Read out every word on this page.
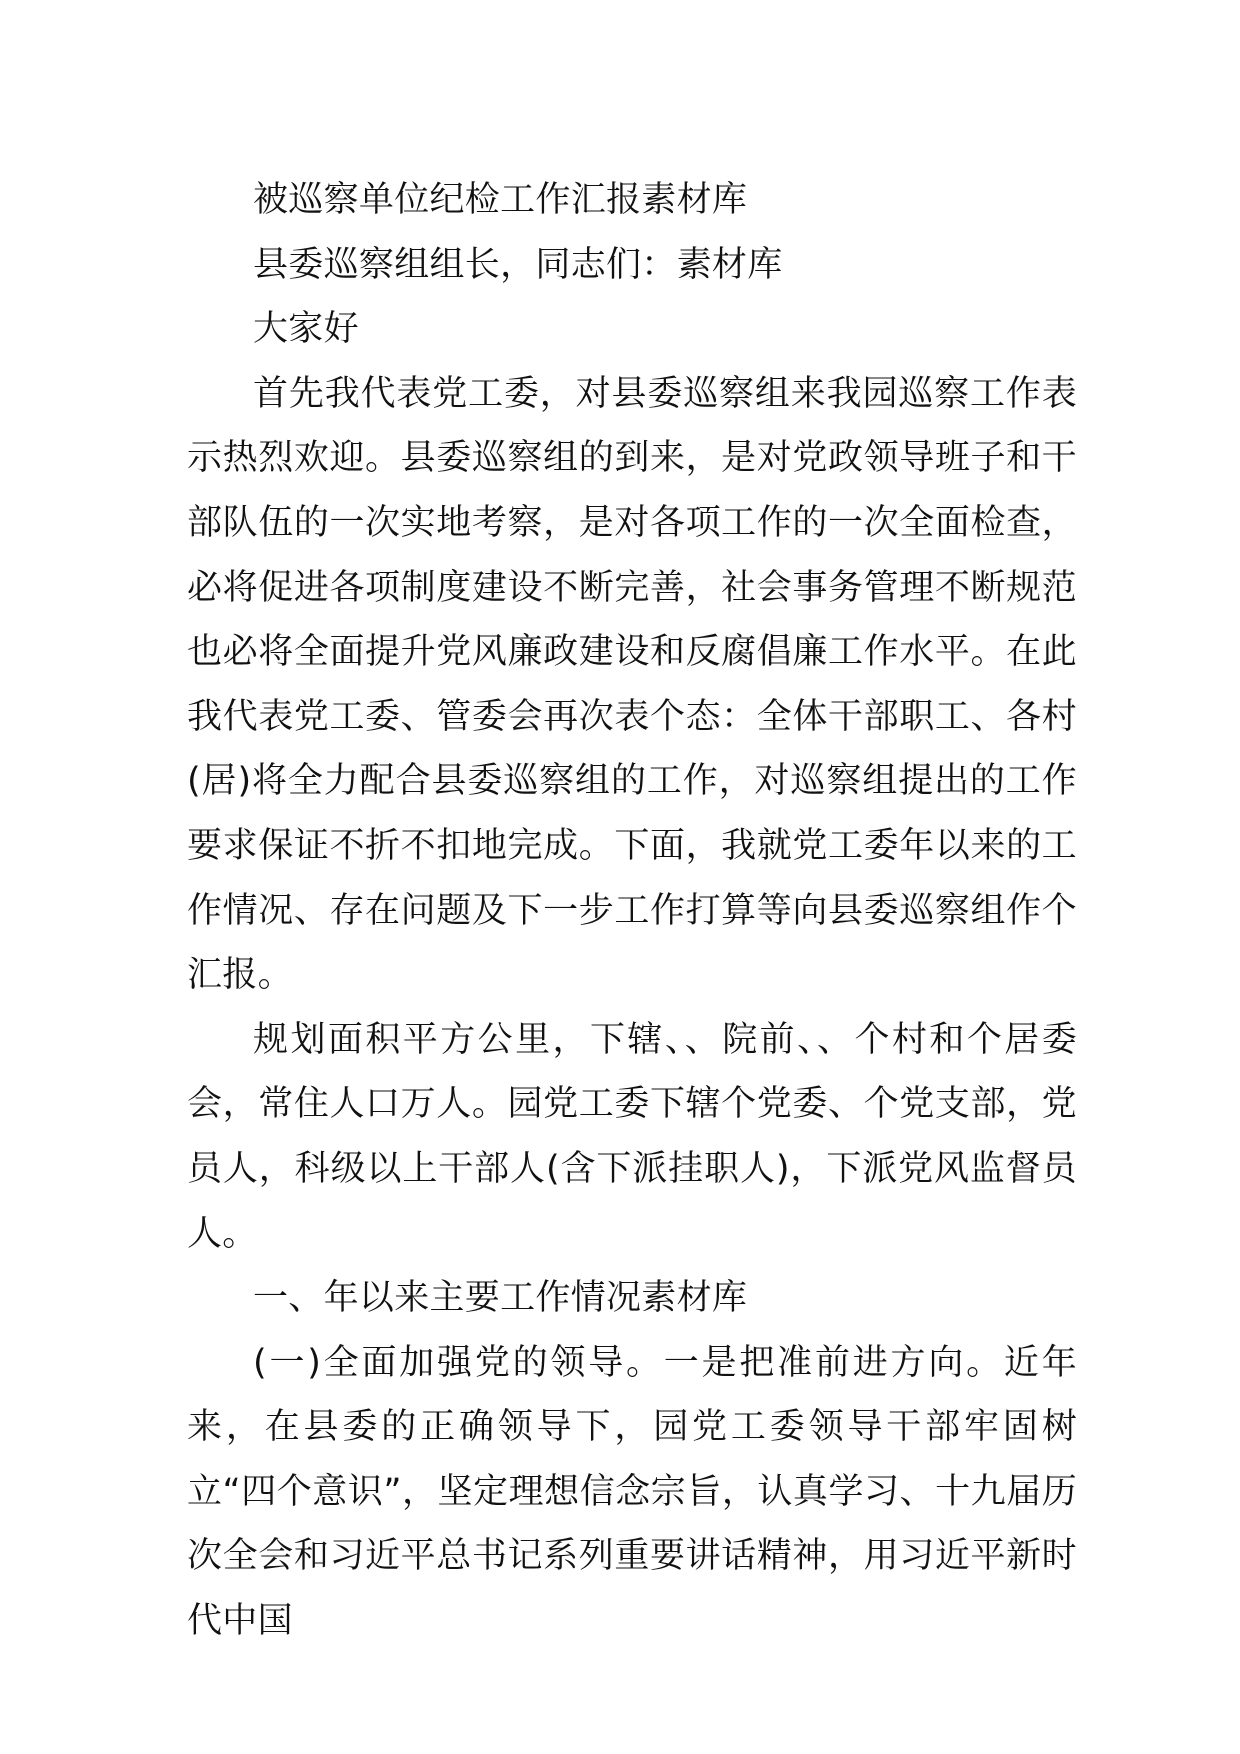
被巡察单位纪检工作汇报素材库

县委巡察组组长，同志们：素材库

大家好

首先我代表党工委，对县委巡察组来我园巡察工作表示热烈欢迎。县委巡察组的到来，是对党政领导班子和干部队伍的一次实地考察，是对各项工作的一次全面检查，必将促进各项制度建设不断完善，社会事务管理不断规范也必将全面提升党风廉政建设和反腐倡廉工作水平。在此我代表党工委、管委会再次表个态：全体干部职工、各村(居)将全力配合县委巡察组的工作，对巡察组提出的工作要求保证不折不扣地完成。下面，我就党工委年以来的工作情况、存在问题及下一步工作打算等向县委巡察组作个汇报。

规划面积平方公里，下辖、、院前、、个村和个居委会，常住人口万人。园党工委下辖个党委、个党支部，党员人，科级以上干部人(含下派挂职人)，下派党风监督员人。

一、年以来主要工作情况素材库

(一)全面加强党的领导。一是把准前进方向。近年来，在县委的正确领导下，园党工委领导干部牢固树立“四个意识”，坚定理想信念宗旨，认真学习、十九届历次全会和习近平总书记系列重要讲话精神，用习近平新时代中国
